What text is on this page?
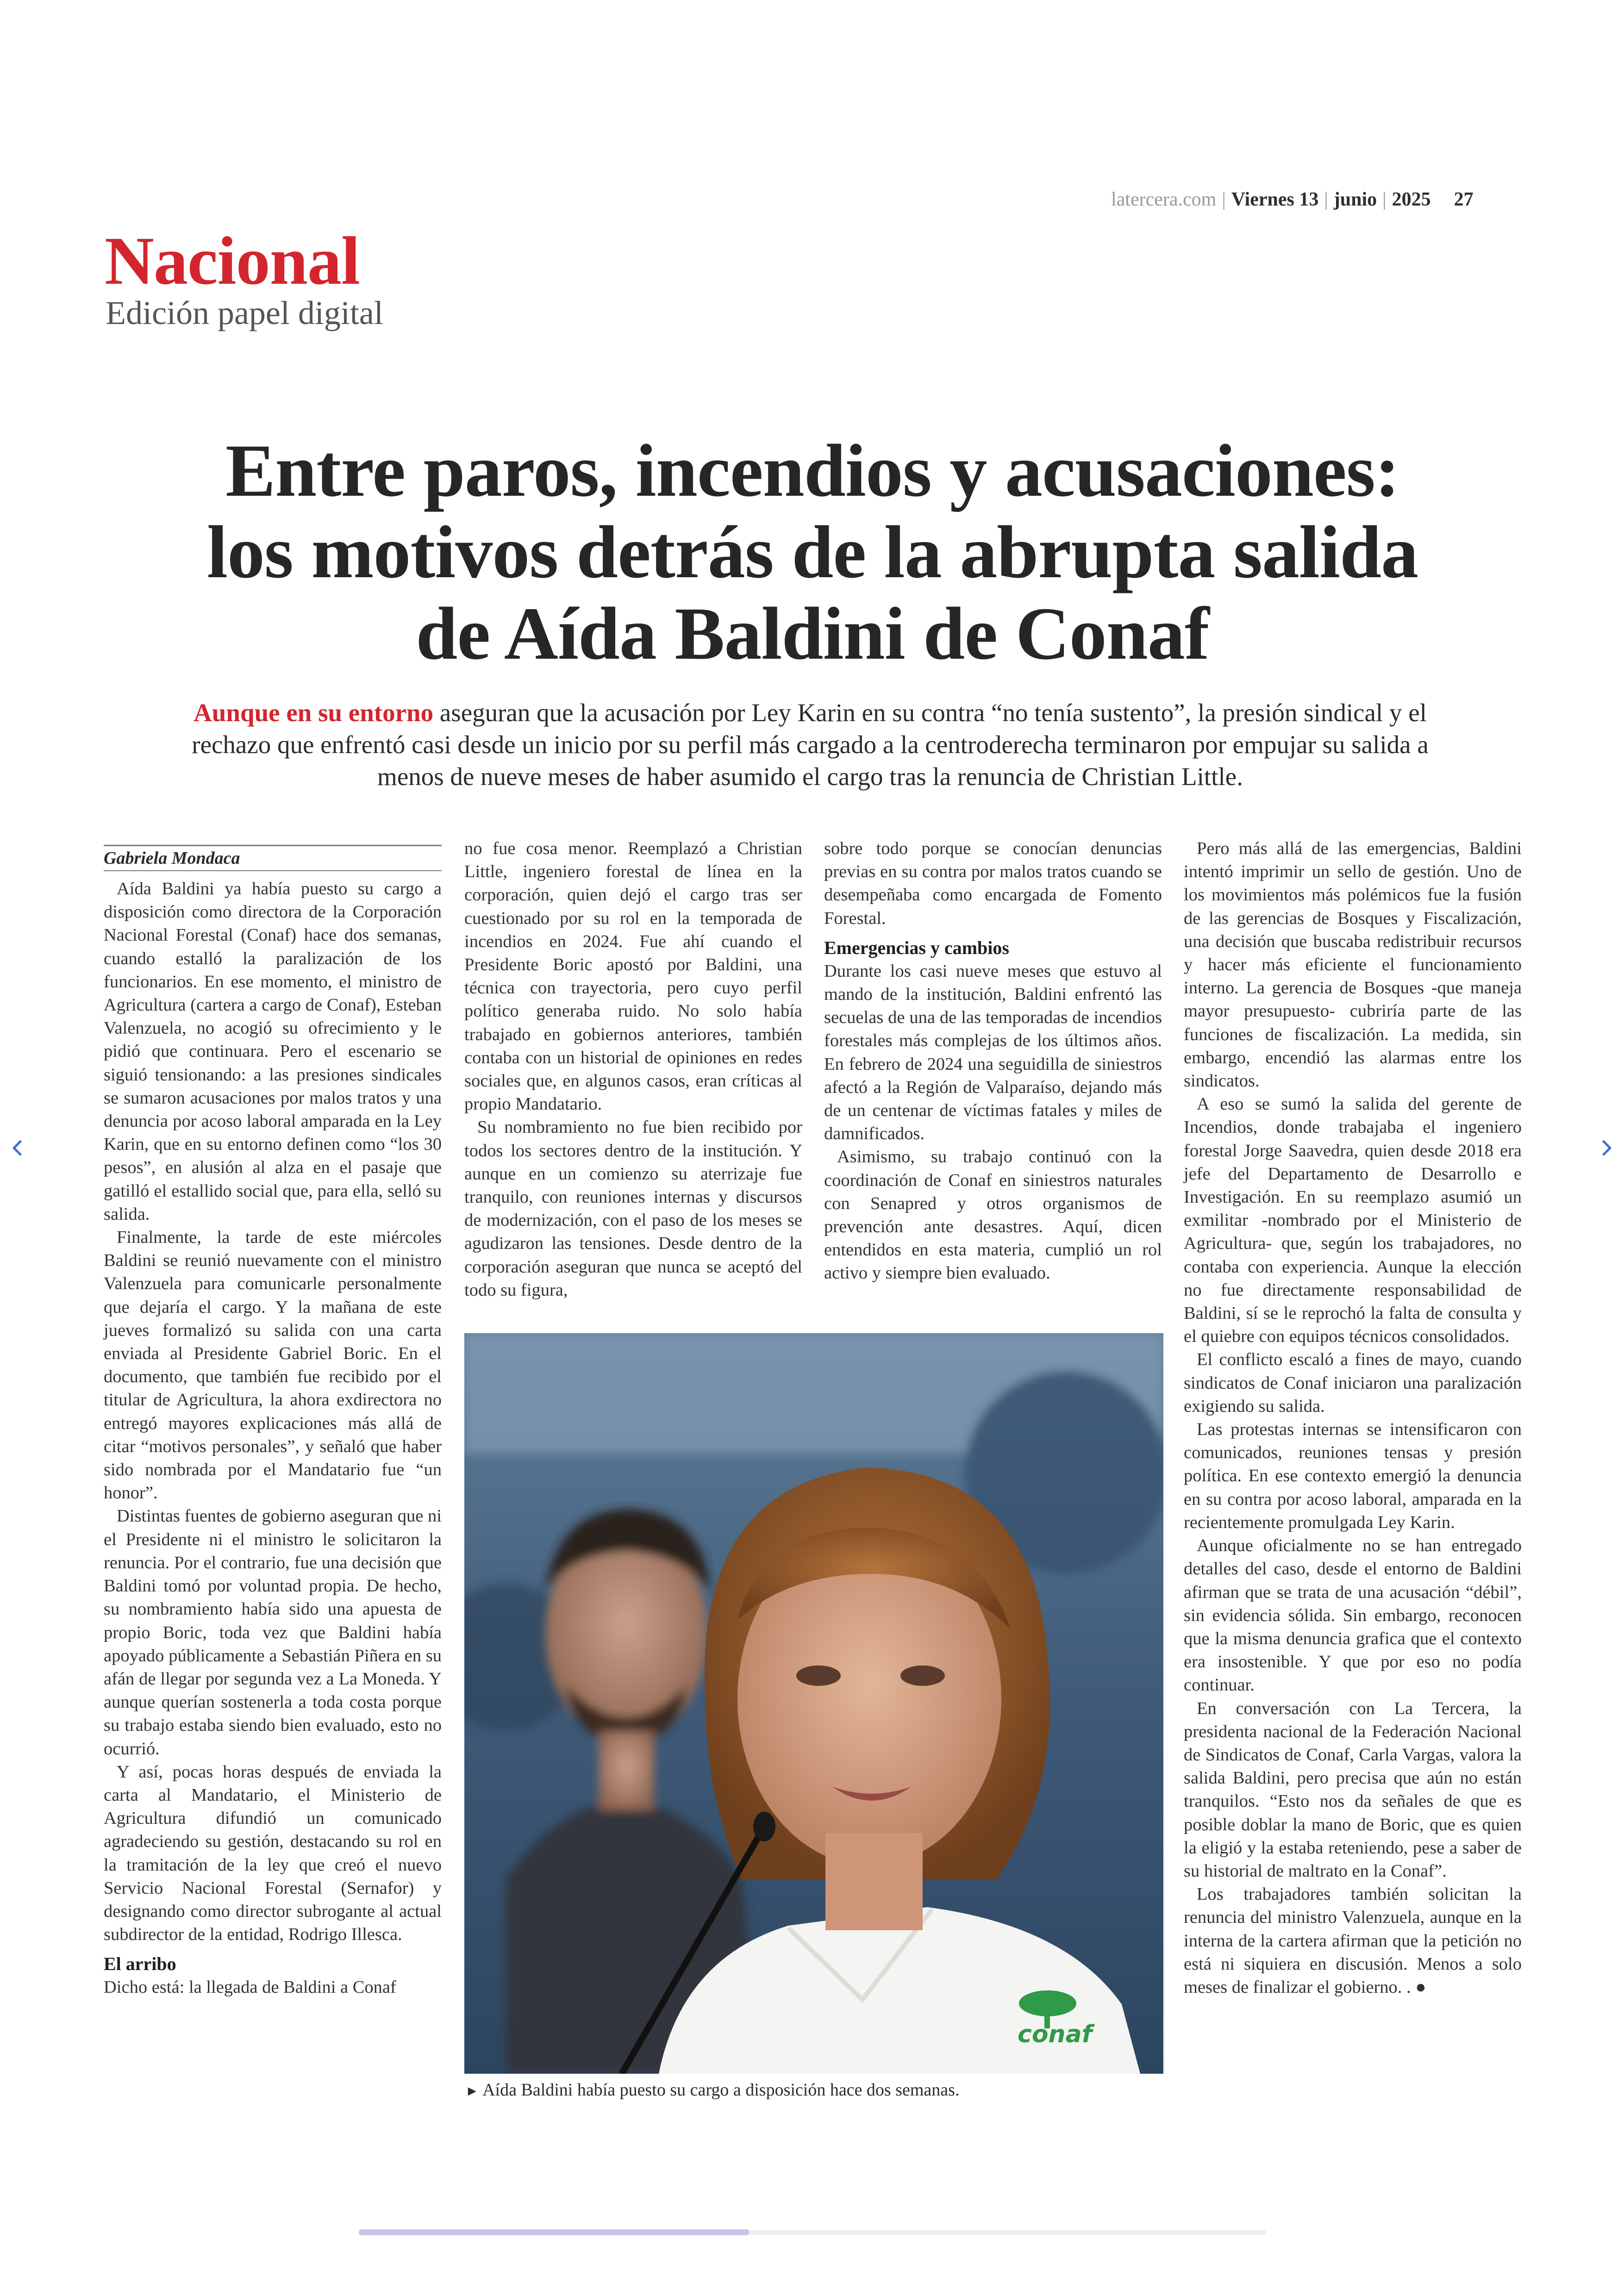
latercera.com | Viernes 13 | junio | 2025 27
Nacional
Edición papel digital
Entre paros, incendios y acusaciones:
los motivos detrás de la abrupta salida
de Aída Baldini de Conaf
Aunque en su entorno aseguran que la acusación por Ley Karin en su contra “no tenía sustento”, la presión sindical y el rechazo que enfrentó casi desde un inicio por su perfil más cargado a la centroderecha terminaron por empujar su salida a menos de nueve meses de haber asumido el cargo tras la renuncia de Christian Little.
Gabriela Mondaca

Aída Baldini ya había puesto su cargo a disposición como directora de la Corporación Nacional Forestal (Conaf) hace dos semanas, cuando estalló la paralización de los funcionarios. En ese momento, el ministro de Agricultura (cartera a cargo de Conaf), Esteban Valenzuela, no acogió su ofrecimiento y le pidió que continuara. Pero el escenario se siguió tensionando: a las presiones sindicales se sumaron acusaciones por malos tratos y una denuncia por acoso laboral amparada en la Ley Karin, que en su entorno definen como “los 30 pesos”, en alusión al alza en el pasaje que gatilló el estallido social que, para ella, selló su salida.

Finalmente, la tarde de este miércoles Baldini se reunió nuevamente con el ministro Valenzuela para comunicarle personalmente que dejaría el cargo. Y la mañana de este jueves formalizó su salida con una carta enviada al Presidente Gabriel Boric. En el documento, que también fue recibido por el titular de Agricultura, la ahora exdirectora no entregó mayores explicaciones más allá de citar “motivos personales”, y señaló que haber sido nombrada por el Mandatario fue “un honor”.

Distintas fuentes de gobierno aseguran que ni el Presidente ni el ministro le solicitaron la renuncia. Por el contrario, fue una decisión que Baldini tomó por voluntad propia. De hecho, su nombramiento había sido una apuesta de propio Boric, toda vez que Baldini había apoyado públicamente a Sebastián Piñera en su afán de llegar por segunda vez a La Moneda. Y aunque querían sostenerla a toda costa porque su trabajo estaba siendo bien evaluado, esto no ocurrió.

Y así, pocas horas después de enviada la carta al Mandatario, el Ministerio de Agricultura difundió un comunicado agradeciendo su gestión, destacando su rol en la tramitación de la ley que creó el nuevo Servicio Nacional Forestal (Sernafor) y designando como director subrogante al actual subdirector de la entidad, Rodrigo Illesca.

El arribo

Dicho está: la llegada de Baldini a Conaf

no fue cosa menor. Reemplazó a Christian Little, ingeniero forestal de línea en la corporación, quien dejó el cargo tras ser cuestionado por su rol en la temporada de incendios en 2024. Fue ahí cuando el Presidente Boric apostó por Baldini, una técnica con trayectoria, pero cuyo perfil político generaba ruido. No solo había trabajado en gobiernos anteriores, también contaba con un historial de opiniones en redes sociales que, en algunos casos, eran críticas al propio Mandatario.

Su nombramiento no fue bien recibido por todos los sectores dentro de la institución. Y aunque en un comienzo su aterrizaje fue tranquilo, con reuniones internas y discursos de modernización, con el paso de los meses se agudizaron las tensiones. Desde dentro de la corporación aseguran que nunca se aceptó del todo su figura,

sobre todo porque se conocían denuncias previas en su contra por malos tratos cuando se desempeñaba como encargada de Fomento Forestal.

Emergencias y cambios

Durante los casi nueve meses que estuvo al mando de la institución, Baldini enfrentó las secuelas de una de las temporadas de incendios forestales más complejas de los últimos años. En febrero de 2024 una seguidilla de siniestros afectó a la Región de Valparaíso, dejando más de un centenar de víctimas fatales y miles de damnificados.

Asimismo, su trabajo continuó con la coordinación de Conaf en siniestros naturales con Senapred y otros organismos de prevención ante desastres. Aquí, dicen entendidos en esta materia, cumplió un rol activo y siempre bien evaluado.

Pero más allá de las emergencias, Baldini intentó imprimir un sello de gestión. Uno de los movimientos más polémicos fue la fusión de las gerencias de Bosques y Fiscalización, una decisión que buscaba redistribuir recursos y hacer más eficiente el funcionamiento interno. La gerencia de Bosques -que maneja mayor presupuesto- cubriría parte de las funciones de fiscalización. La medida, sin embargo, encendió las alarmas entre los sindicatos.

A eso se sumó la salida del gerente de Incendios, donde trabajaba el ingeniero forestal Jorge Saavedra, quien desde 2018 era jefe del Departamento de Desarrollo e Investigación. En su reemplazo asumió un exmilitar -nombrado por el Ministerio de Agricultura- que, según los trabajadores, no contaba con experiencia. Aunque la elección no fue directamente responsabilidad de Baldini, sí se le reprochó la falta de consulta y el quiebre con equipos técnicos consolidados.

El conflicto escaló a fines de mayo, cuando sindicatos de Conaf iniciaron una paralización exigiendo su salida.

Las protestas internas se intensificaron con comunicados, reuniones tensas y presión política. En ese contexto emergió la denuncia en su contra por acoso laboral, amparada en la recientemente promulgada Ley Karin.

Aunque oficialmente no se han entregado detalles del caso, desde el entorno de Baldini afirman que se trata de una acusación “débil”, sin evidencia sólida. Sin embargo, reconocen que la misma denuncia grafica que el contexto era insostenible. Y que por eso no podía continuar.

En conversación con La Tercera, la presidenta nacional de la Federación Nacional de Sindicatos de Conaf, Carla Vargas, valora la salida Baldini, pero precisa que aún no están tranquilos. “Esto nos da señales de que es posible doblar la mano de Boric, que es quien la eligió y la estaba reteniendo, pese a saber de su historial de maltrato en la Conaf”.

Los trabajadores también solicitan la renuncia del ministro Valenzuela, aunque en la interna de la cartera afirman que la petición no está ni siquiera en discusión. Menos a solo meses de finalizar el gobierno. . ●

conaf
► Aída Baldini había puesto su cargo a disposición hace dos semanas.
